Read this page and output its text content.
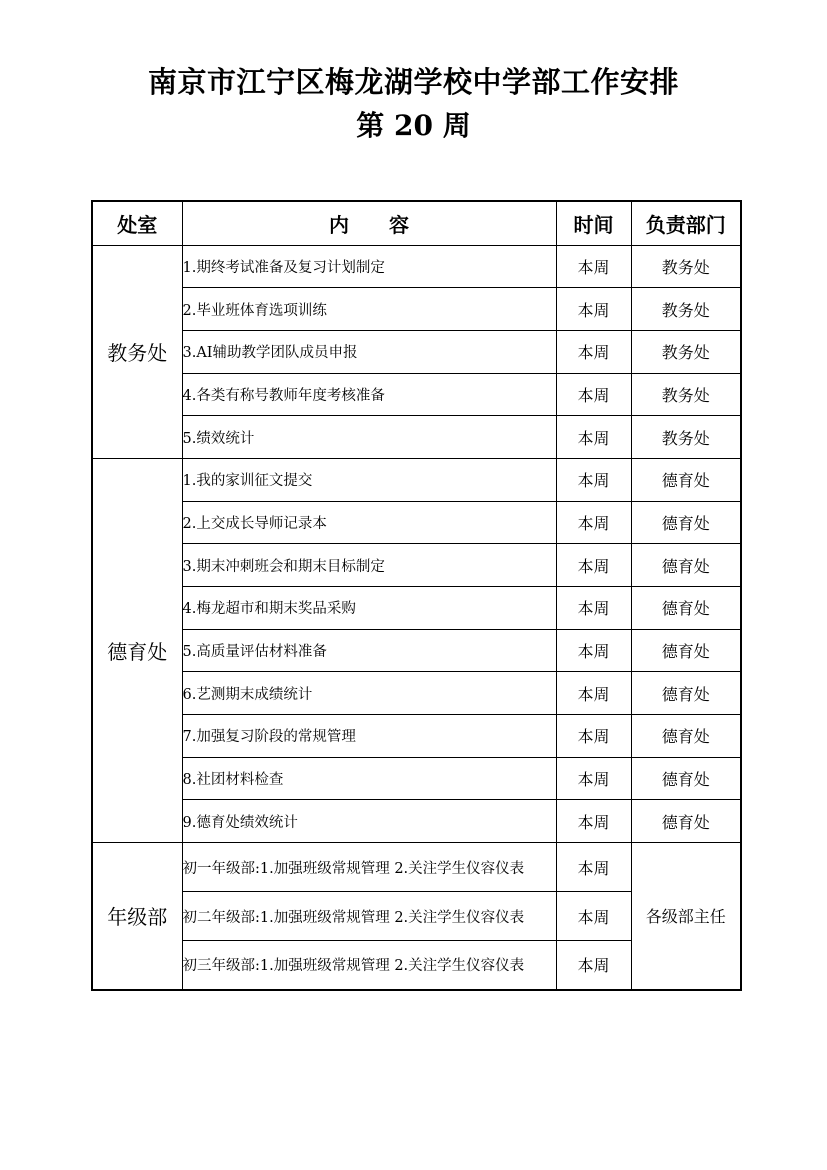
南京市江宁区梅龙湖学校中学部工作安排
第 20 周
处室	内　　容	时间	负责部门
教务处	1.期终考试准备及复习计划制定	本周	教务处
	2.毕业班体育选项训练	本周	教务处
	3.AI辅助教学团队成员申报	本周	教务处
	4.各类有称号教师年度考核准备	本周	教务处
	5.绩效统计	本周	教务处
德育处	1.我的家训征文提交	本周	德育处
	2.上交成长导师记录本	本周	德育处
	3.期末冲刺班会和期末目标制定	本周	德育处
	4.梅龙超市和期末奖品采购	本周	德育处
	5.高质量评估材料准备	本周	德育处
	6.艺测期末成绩统计	本周	德育处
	7.加强复习阶段的常规管理	本周	德育处
	8.社团材料检查	本周	德育处
	9.德育处绩效统计	本周	德育处
年级部	初一年级部:1.加强班级常规管理 2.关注学生仪容仪表	本周	各级部主任
	初二年级部:1.加强班级常规管理 2.关注学生仪容仪表	本周	
	初三年级部:1.加强班级常规管理 2.关注学生仪容仪表	本周	
